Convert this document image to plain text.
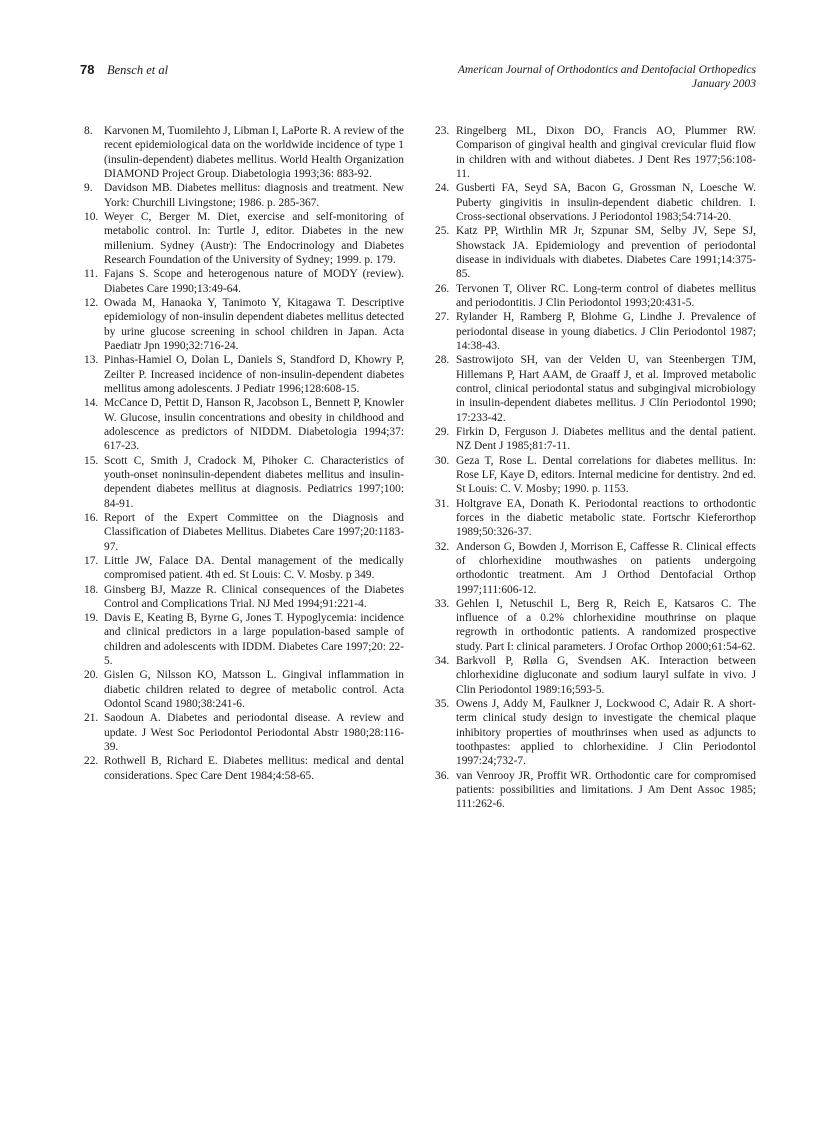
78 Bensch et al	American Journal of Orthodontics and Dentofacial Orthopedics
January 2003
8.	Karvonen M, Tuomilehto J, Libman I, LaPorte R. A review of the recent epidemiological data on the worldwide incidence of type 1 (insulin-dependent) diabetes mellitus. World Health Organization DIAMOND Project Group. Diabetologia 1993;36: 883-92.
9.	Davidson MB. Diabetes mellitus: diagnosis and treatment. New York: Churchill Livingstone; 1986. p. 285-367.
10. Weyer C, Berger M. Diet, exercise and self-monitoring of metabolic control. In: Turtle J, editor. Diabetes in the new millenium. Sydney (Austr): The Endocrinology and Diabetes Research Foundation of the University of Sydney; 1999. p. 179.
11. Fajans S. Scope and heterogenous nature of MODY (review). Diabetes Care 1990;13:49-64.
12. Owada M, Hanaoka Y, Tanimoto Y, Kitagawa T. Descriptive epidemiology of non-insulin dependent diabetes mellitus detected by urine glucose screening in school children in Japan. Acta Paediatr Jpn 1990;32:716-24.
13. Pinhas-Hamiel O, Dolan L, Daniels S, Standford D, Khowry P, Zeilter P. Increased incidence of non-insulin-dependent diabetes mellitus among adolescents. J Pediatr 1996;128:608-15.
14. McCance D, Pettit D, Hanson R, Jacobson L, Bennett P, Knowler W. Glucose, insulin concentrations and obesity in childhood and adolescence as predictors of NIDDM. Diabetologia 1994;37: 617-23.
15. Scott C, Smith J, Cradock M, Pihoker C. Characteristics of youth-onset noninsulin-dependent diabetes mellitus and insulin-dependent diabetes mellitus at diagnosis. Pediatrics 1997;100: 84-91.
16. Report of the Expert Committee on the Diagnosis and Classification of Diabetes Mellitus. Diabetes Care 1997;20:1183-97.
17. Little JW, Falace DA. Dental management of the medically compromised patient. 4th ed. St Louis: C. V. Mosby. p 349.
18. Ginsberg BJ, Mazze R. Clinical consequences of the Diabetes Control and Complications Trial. NJ Med 1994;91:221-4.
19. Davis E, Keating B, Byrne G, Jones T. Hypoglycemia: incidence and clinical predictors in a large population-based sample of children and adolescents with IDDM. Diabetes Care 1997;20: 22-5.
20. Gislen G, Nilsson KO, Matsson L. Gingival inflammation in diabetic children related to degree of metabolic control. Acta Odontol Scand 1980;38:241-6.
21. Saodoun A. Diabetes and periodontal disease. A review and update. J West Soc Periodontol Periodontal Abstr 1980;28:116-39.
22. Rothwell B, Richard E. Diabetes mellitus: medical and dental considerations. Spec Care Dent 1984;4:58-65.
23. Ringelberg ML, Dixon DO, Francis AO, Plummer RW. Comparison of gingival health and gingival crevicular fluid flow in children with and without diabetes. J Dent Res 1977;56:108-11.
24. Gusberti FA, Seyd SA, Bacon G, Grossman N, Loesche W. Puberty gingivitis in insulin-dependent diabetic children. I. Cross-sectional observations. J Periodontol 1983;54:714-20.
25. Katz PP, Wirthlin MR Jr, Szpunar SM, Selby JV, Sepe SJ, Showstack JA. Epidemiology and prevention of periodontal disease in individuals with diabetes. Diabetes Care 1991;14:375-85.
26. Tervonen T, Oliver RC. Long-term control of diabetes mellitus and periodontitis. J Clin Periodontol 1993;20:431-5.
27. Rylander H, Ramberg P, Blohme G, Lindhe J. Prevalence of periodontal disease in young diabetics. J Clin Periodontol 1987; 14:38-43.
28. Sastrowijoto SH, van der Velden U, van Steenbergen TJM, Hillemans P, Hart AAM, de Graaff J, et al. Improved metabolic control, clinical periodontal status and subgingival microbiology in insulin-dependent diabetes mellitus. J Clin Periodontol 1990; 17:233-42.
29. Firkin D, Ferguson J. Diabetes mellitus and the dental patient. NZ Dent J 1985;81:7-11.
30. Geza T, Rose L. Dental correlations for diabetes mellitus. In: Rose LF, Kaye D, editors. Internal medicine for dentistry. 2nd ed. St Louis: C. V. Mosby; 1990. p. 1153.
31. Holtgrave EA, Donath K. Periodontal reactions to orthodontic forces in the diabetic metabolic state. Fortschr Kieferorthop 1989;50:326-37.
32. Anderson G, Bowden J, Morrison E, Caffesse R. Clinical effects of chlorhexidine mouthwashes on patients undergoing orthodontic treatment. Am J Orthod Dentofacial Orthop 1997;111:606-12.
33. Gehlen I, Netuschil L, Berg R, Reich E, Katsaros C. The influence of a 0.2% chlorhexidine mouthrinse on plaque regrowth in orthodontic patients. A randomized prospective study. Part I: clinical parameters. J Orofac Orthop 2000;61:54-62.
34. Barkvoll P, Rølla G, Svendsen AK. Interaction between chlorhexidine digluconate and sodium lauryl sulfate in vivo. J Clin Periodontol 1989:16;593-5.
35. Owens J, Addy M, Faulkner J, Lockwood C, Adair R. A short-term clinical study design to investigate the chemical plaque inhibitory properties of mouthrinses when used as adjuncts to toothpastes: applied to chlorhexidine. J Clin Periodontol 1997:24;732-7.
36. van Venrooy JR, Proffit WR. Orthodontic care for compromised patients: possibilities and limitations. J Am Dent Assoc 1985; 111:262-6.
